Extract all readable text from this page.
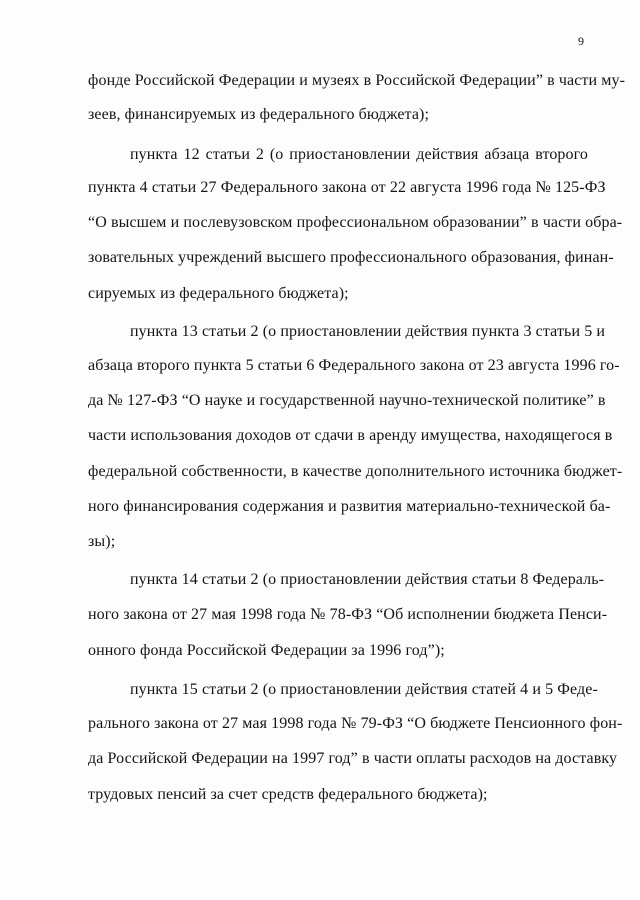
9
фонде Российской Федерации и музеях в Российской Федерации” в части му-
зеев, финансируемых из федерального бюджета);
пункта 12 статьи 2 (о приостановлении действия абзаца второго
пункта 4 статьи 27 Федерального закона от 22 августа 1996 года № 125-ФЗ
“О высшем и послевузовском профессиональном образовании” в части обра-
зовательных учреждений высшего профессионального образования, финан-
сируемых из федерального бюджета);
пункта 13 статьи 2 (о приостановлении действия пункта 3 статьи 5 и
абзаца второго пункта 5 статьи 6 Федерального закона от 23 августа 1996 го-
да № 127-ФЗ “О науке и государственной научно-технической политике” в
части использования доходов от сдачи в аренду имущества, находящегося в
федеральной собственности, в качестве дополнительного источника бюджет-
ного финансирования содержания и развития материально-технической ба-
зы);
пункта 14 статьи 2 (о приостановлении действия статьи 8 Федераль-
ного закона от 27 мая 1998 года № 78-ФЗ “Об исполнении бюджета Пенси-
онного фонда Российской Федерации за 1996 год”);
пункта 15 статьи 2 (о приостановлении действия статей 4 и 5 Феде-
рального закона от 27 мая 1998 года № 79-ФЗ “О бюджете Пенсионного фон-
да Российской Федерации на 1997 год” в части оплаты расходов на доставку
трудовых пенсий за счет средств федерального бюджета);
